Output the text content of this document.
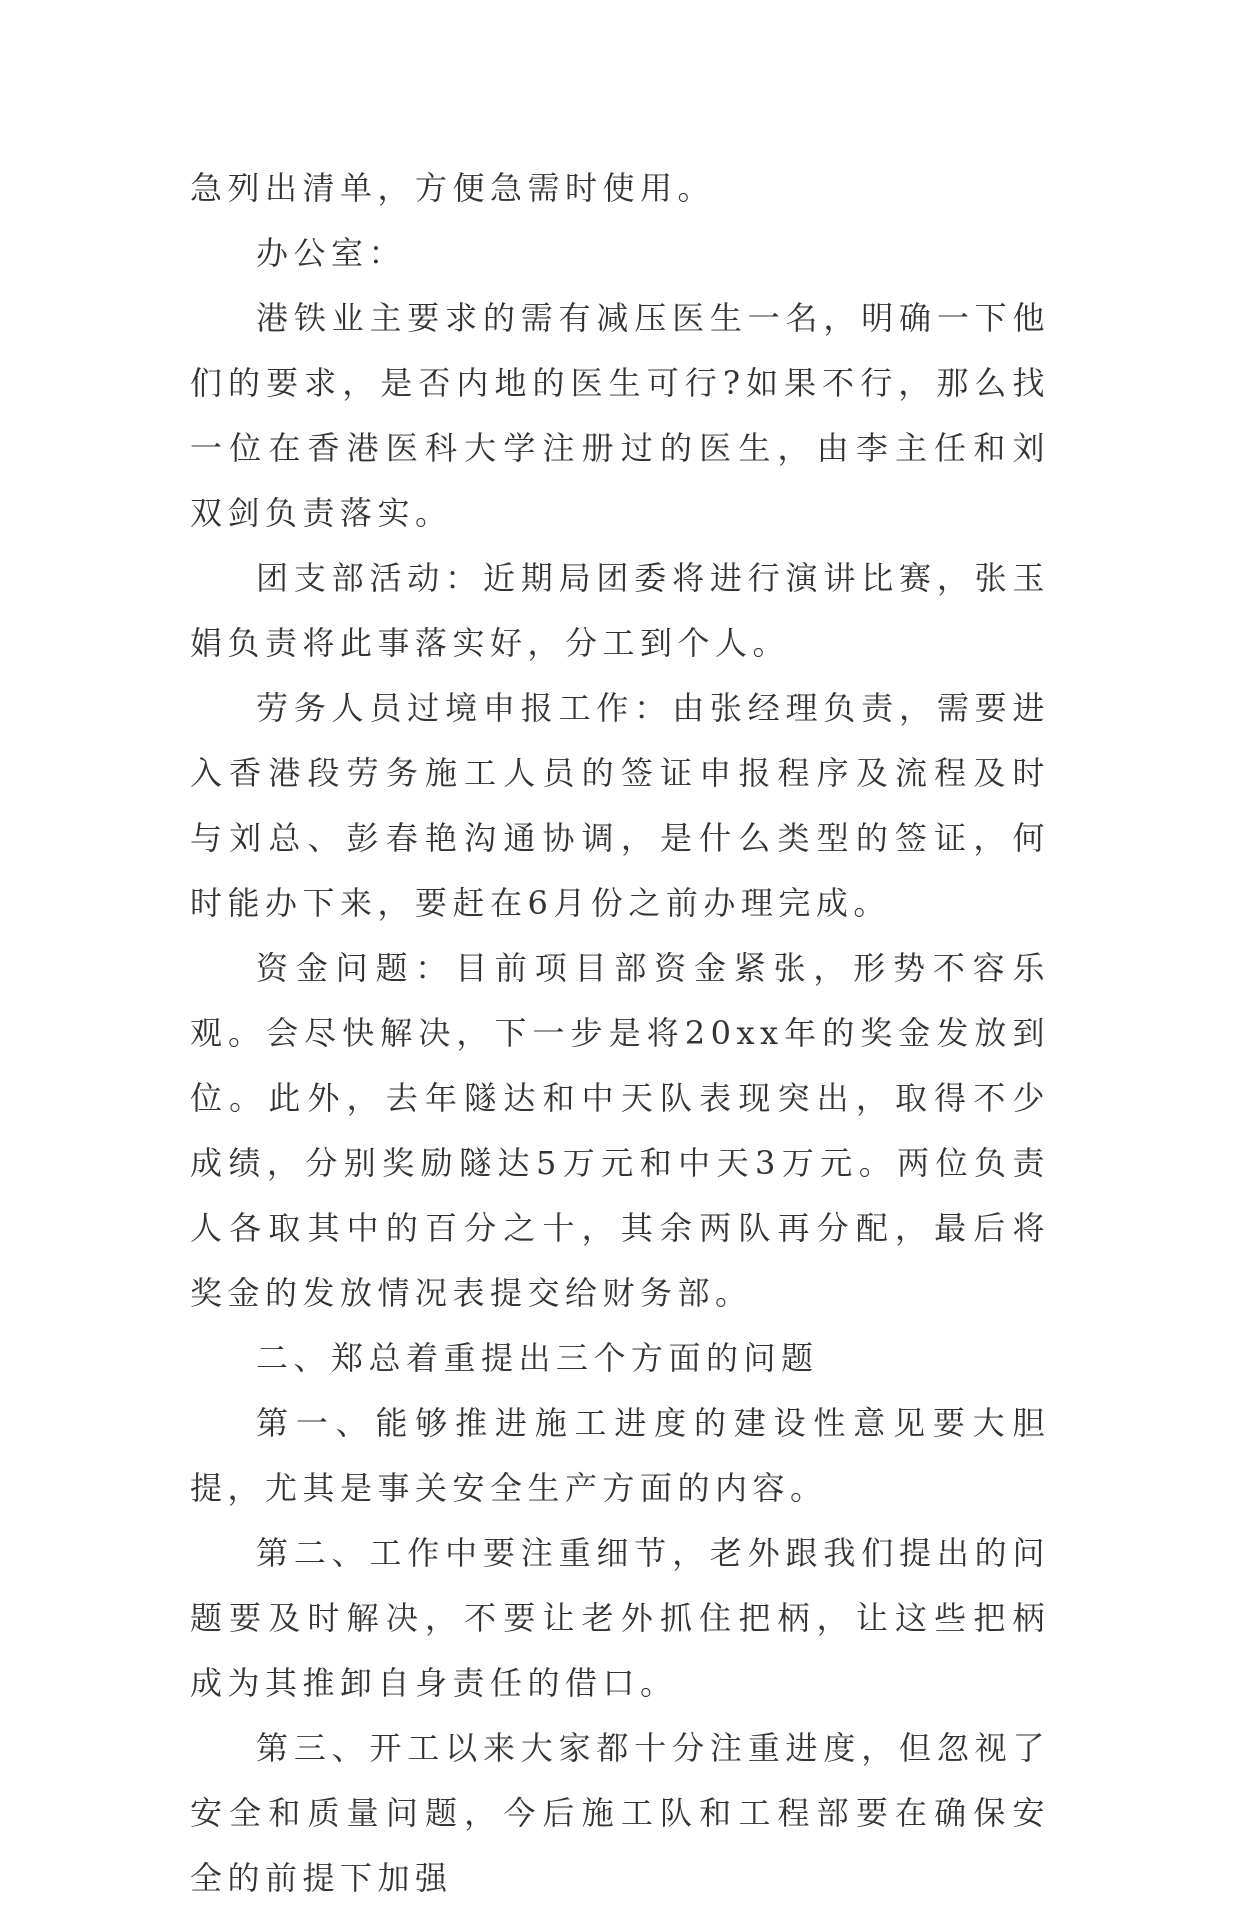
急列出清单，方便急需时使用。

办公室：

港铁业主要求的需有减压医生一名，明确一下他们的要求，是否内地的医生可行?如果不行，那么找一位在香港医科大学注册过的医生，由李主任和刘双剑负责落实。

团支部活动：近期局团委将进行演讲比赛，张玉娟负责将此事落实好，分工到个人。

劳务人员过境申报工作：由张经理负责，需要进入香港段劳务施工人员的签证申报程序及流程及时与刘总、彭春艳沟通协调，是什么类型的签证，何时能办下来，要赶在6月份之前办理完成。

资金问题：目前项目部资金紧张，形势不容乐观。会尽快解决，下一步是将20xx年的奖金发放到位。此外，去年隧达和中天队表现突出，取得不少成绩，分别奖励隧达5万元和中天3万元。两位负责人各取其中的百分之十，其余两队再分配，最后将奖金的发放情况表提交给财务部。

二、郑总着重提出三个方面的问题

第一、能够推进施工进度的建设性意见要大胆提，尤其是事关安全生产方面的内容。

第二、工作中要注重细节，老外跟我们提出的问题要及时解决，不要让老外抓住把柄，让这些把柄成为其推卸自身责任的借口。

第三、开工以来大家都十分注重进度，但忽视了安全和质量问题，今后施工队和工程部要在确保安全的前提下加强
